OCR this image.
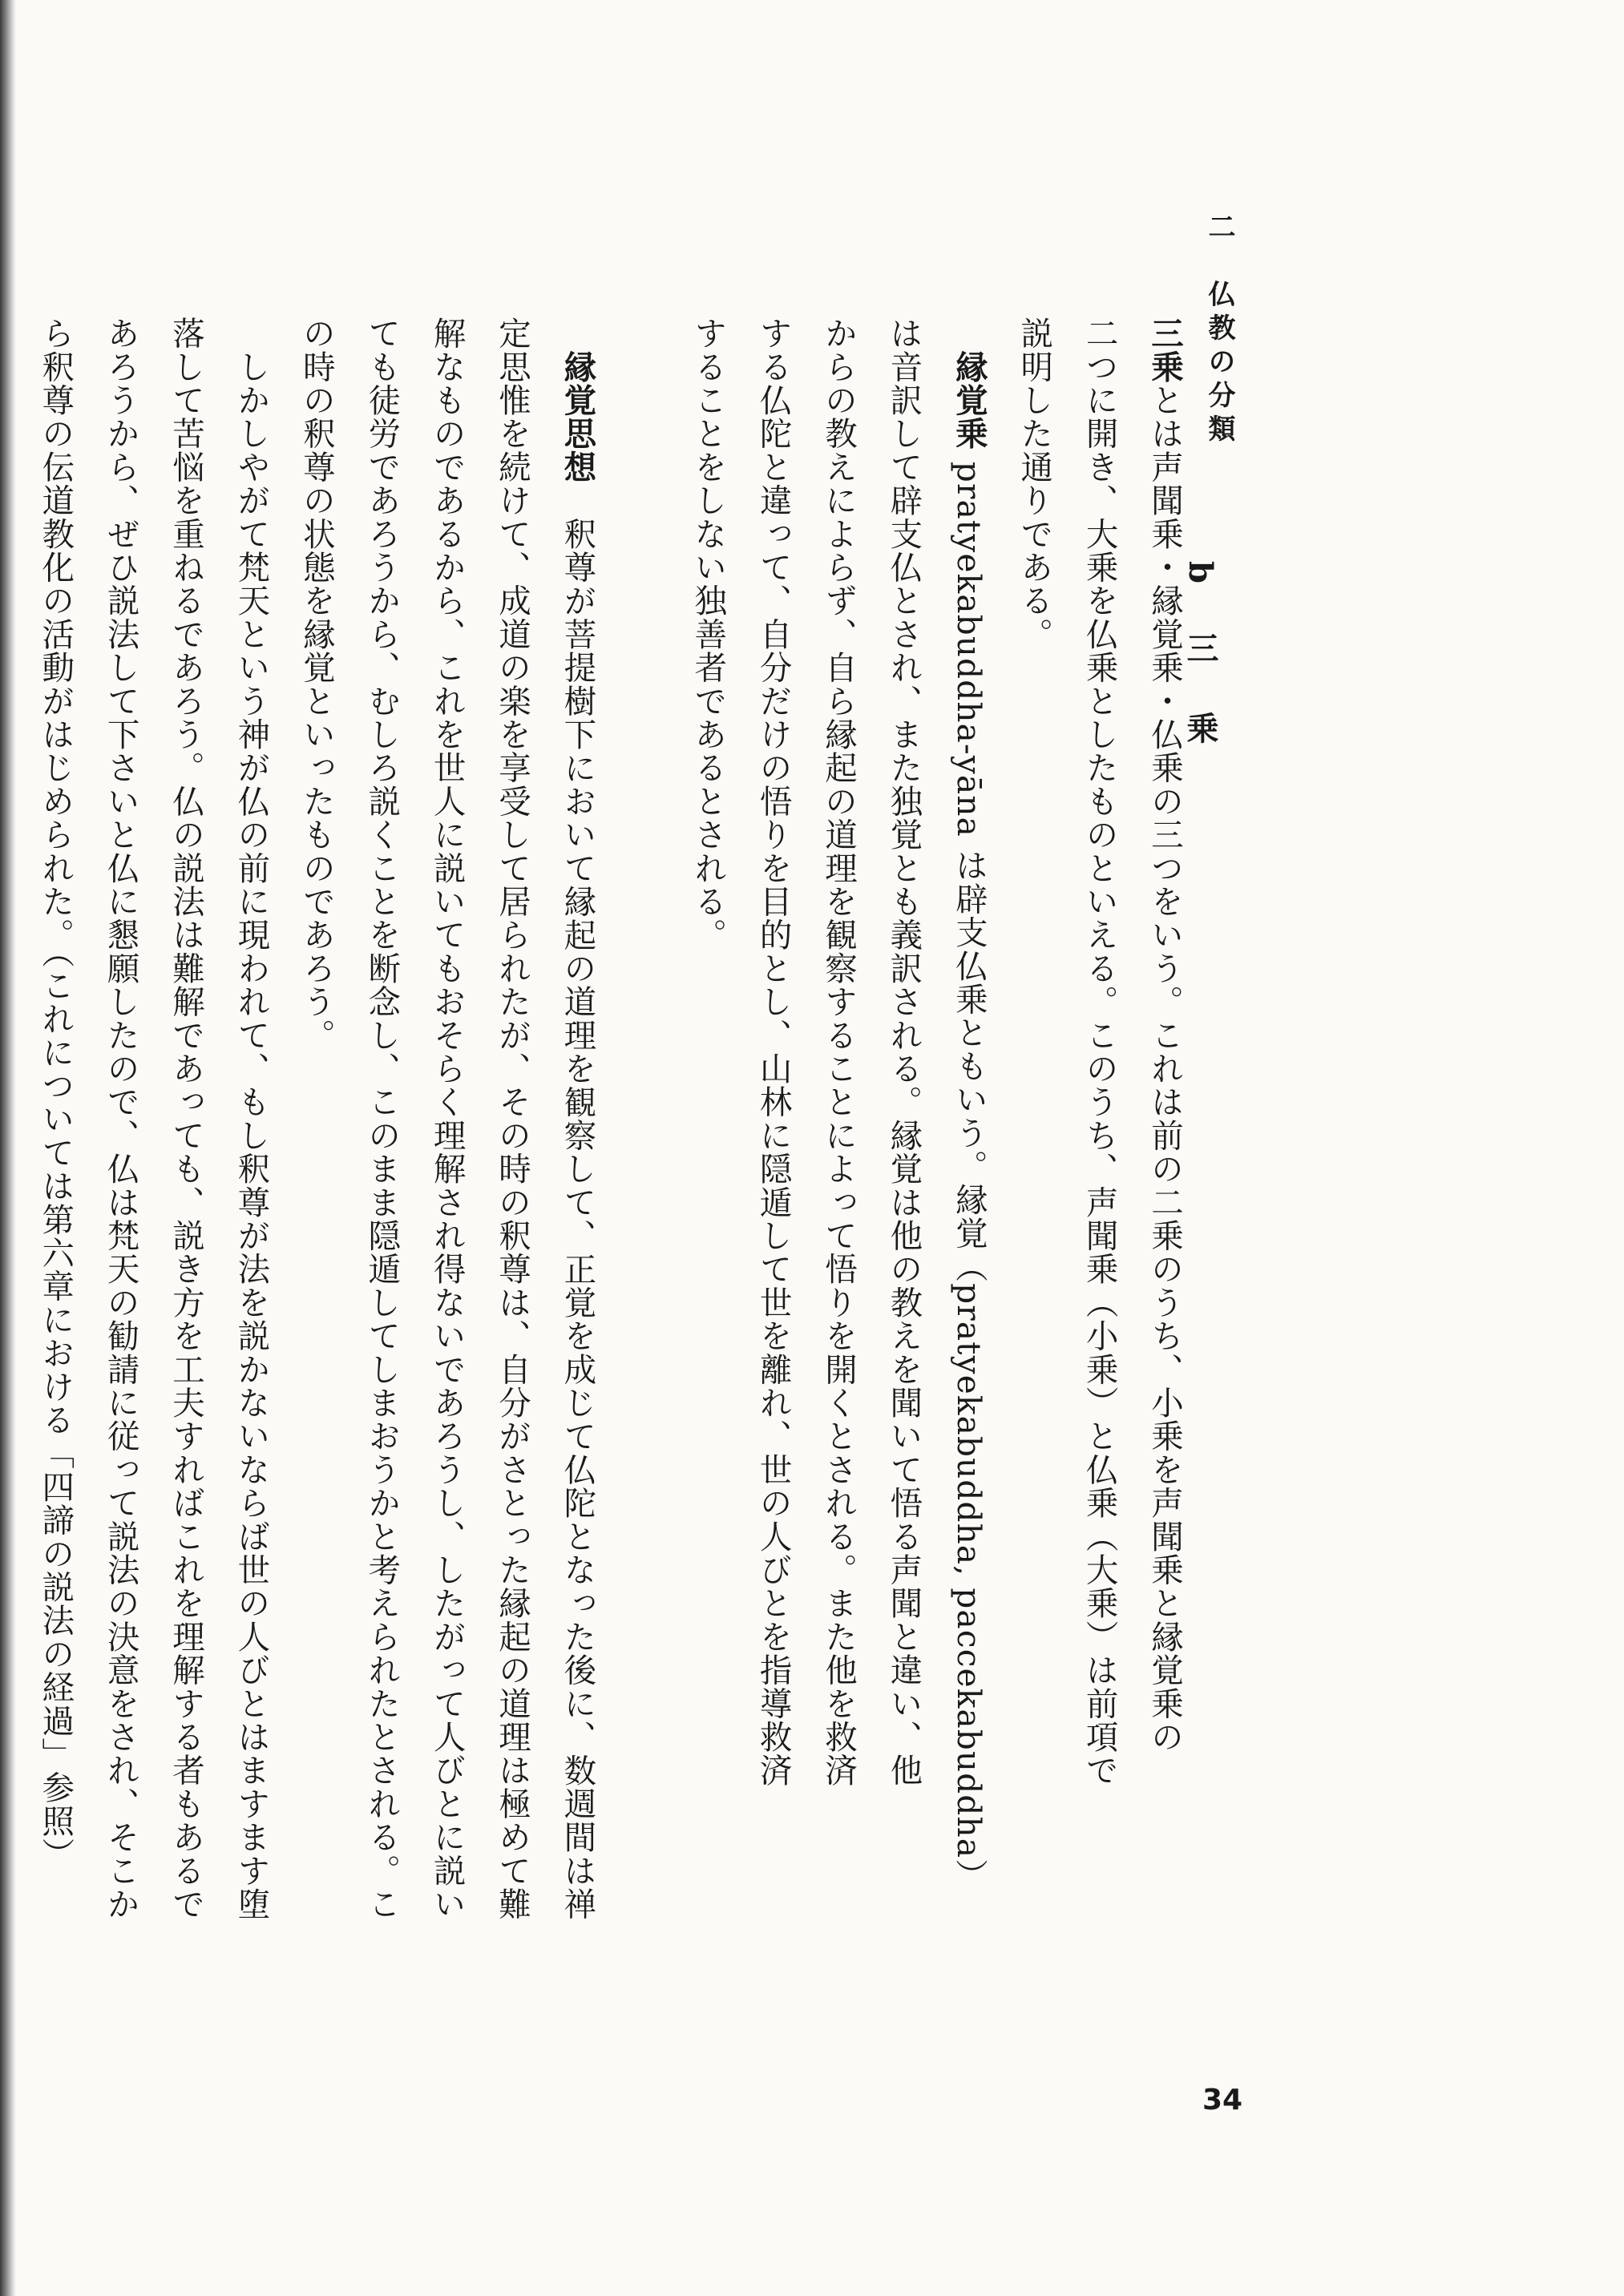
二　仏教の分類
b　三　乗
三乗とは声聞乗・縁覚乗・仏乗の三つをいう。これは前の二乗のうち、小乗を声聞乗と縁覚乗の
二つに開き、大乗を仏乗としたものといえる。このうち、声聞乗（小乗）と仏乗（大乗）は前項で
説明した通りである。
　縁覚乗 pratyekabuddha-yāna は辟支仏乗ともいう。縁覚（pratyekabuddha, paccekabuddha）
は音訳して辟支仏とされ、また独覚とも義訳される。縁覚は他の教えを聞いて悟る声聞と違い、他
からの教えによらず、自ら縁起の道理を観察することによって悟りを開くとされる。また他を救済
する仏陀と違って、自分だけの悟りを目的とし、山林に隠遁して世を離れ、世の人びとを指導救済
することをしない独善者であるとされる。
　縁覚思想　釈尊が菩提樹下において縁起の道理を観察して、正覚を成じて仏陀となった後に、数週間は禅
定思惟を続けて、成道の楽を享受して居られたが、その時の釈尊は、自分がさとった縁起の道理は極めて難
解なものであるから、これを世人に説いてもおそらく理解され得ないであろうし、したがって人びとに説い
ても徒労であろうから、むしろ説くことを断念し、このまま隠遁してしまおうかと考えられたとされる。こ
の時の釈尊の状態を縁覚といったものであろう。
　しかしやがて梵天という神が仏の前に現われて、もし釈尊が法を説かないならば世の人びとはますます堕
落して苦悩を重ねるであろう。仏の説法は難解であっても、説き方を工夫すればこれを理解する者もあるで
あろうから、ぜひ説法して下さいと仏に懇願したので、仏は梵天の勧請に従って説法の決意をされ、そこか
ら釈尊の伝道教化の活動がはじめられた。（これについては第六章における「四諦の説法の経過」参照）
34
